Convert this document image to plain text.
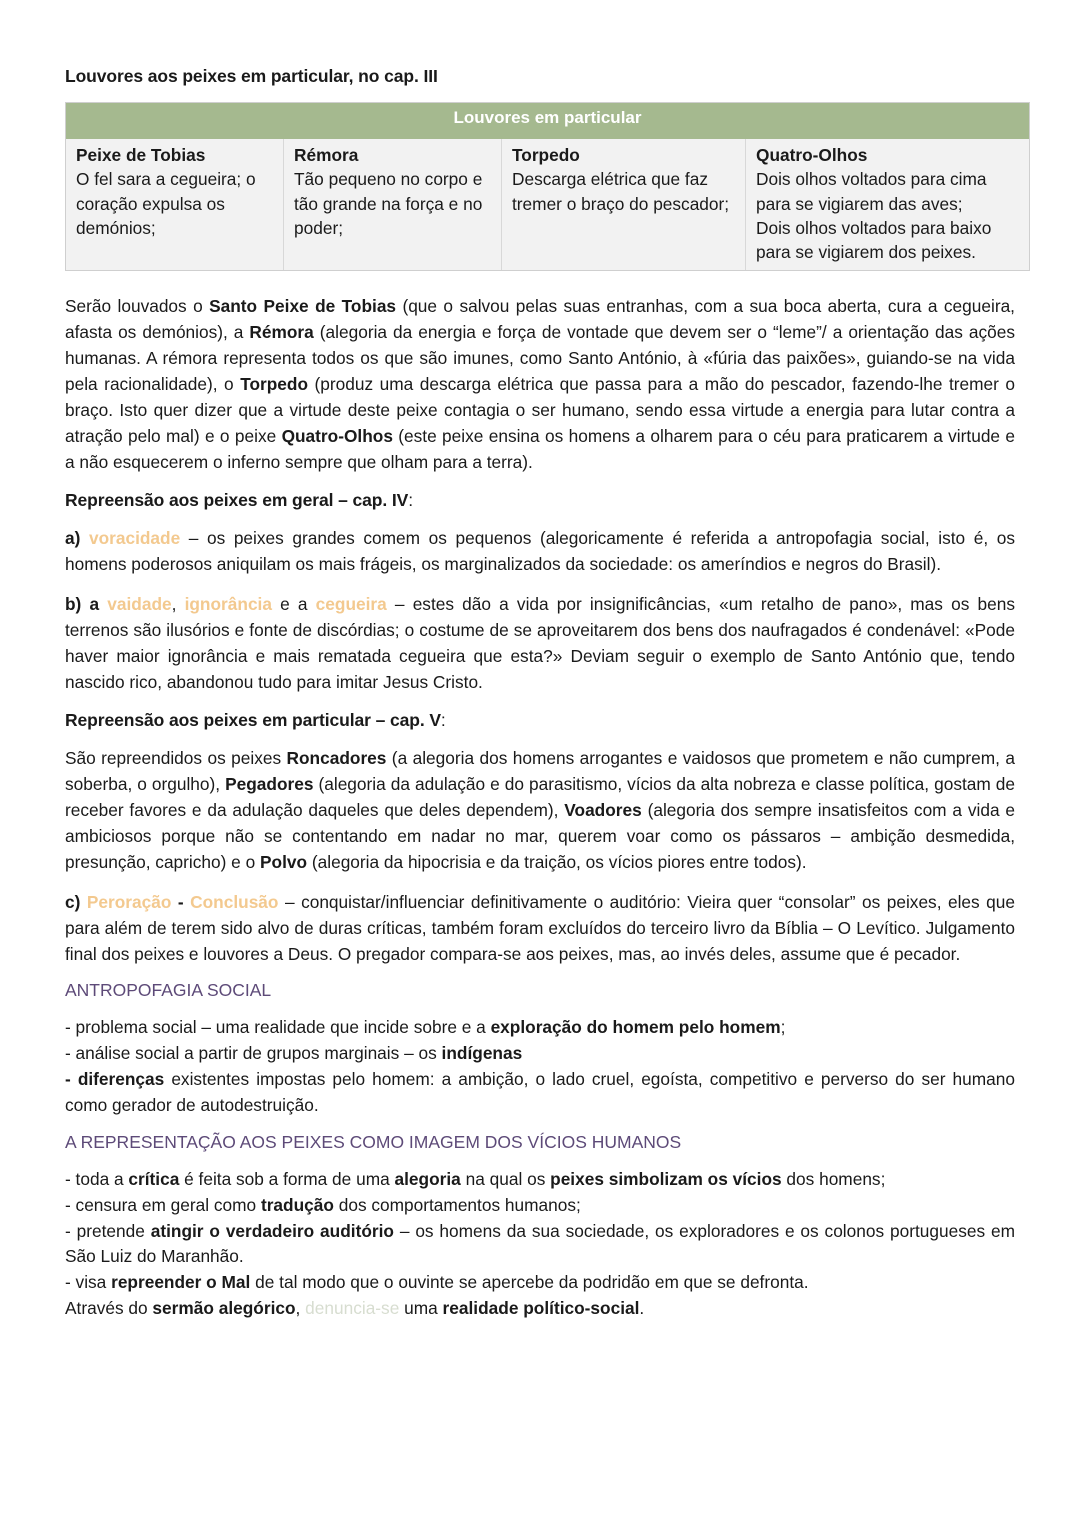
Louvores aos peixes em particular, no cap. III

Louvores em particular
Peixe de Tobias
O fel sara a cegueira; o coração expulsa os demónios;
Rémora
Tão pequeno no corpo e tão grande na força e no poder;
Torpedo
Descarga elétrica que faz tremer o braço do pescador;
Quatro-Olhos
Dois olhos voltados para cima para se vigiarem das aves;
Dois olhos voltados para baixo para se vigiarem dos peixes.

Serão louvados o Santo Peixe de Tobias (que o salvou pelas suas entranhas, com a sua boca aberta, cura a cegueira, afasta os demónios), a Rémora (alegoria da energia e força de vontade que devem ser o “leme”/ a orientação das ações humanas. A rémora representa todos os que são imunes, como Santo António, à «fúria das paixões», guiando-se na vida pela racionalidade), o Torpedo (produz uma descarga elétrica que passa para a mão do pescador, fazendo-lhe tremer o braço. Isto quer dizer que a virtude deste peixe contagia o ser humano, sendo essa virtude a energia para lutar contra a atração pelo mal) e o peixe Quatro-Olhos (este peixe ensina os homens a olharem para o céu para praticarem a virtude e a não esquecerem o inferno sempre que olham para a terra).

Repreensão aos peixes em geral – cap. IV:

a) voracidade – os peixes grandes comem os pequenos (alegoricamente é referida a antropofagia social, isto é, os homens poderosos aniquilam os mais frágeis, os marginalizados da sociedade: os ameríndios e negros do Brasil).

b) a vaidade, ignorância e a cegueira – estes dão a vida por insignificâncias, «um retalho de pano», mas os bens terrenos são ilusórios e fonte de discórdias; o costume de se aproveitarem dos bens dos naufragados é condenável: «Pode haver maior ignorância e mais rematada cegueira que esta?» Deviam seguir o exemplo de Santo António que, tendo nascido rico, abandonou tudo para imitar Jesus Cristo.

Repreensão aos peixes em particular – cap. V:

São repreendidos os peixes Roncadores (a alegoria dos homens arrogantes e vaidosos que prometem e não cumprem, a soberba, o orgulho), Pegadores (alegoria da adulação e do parasitismo, vícios da alta nobreza e classe política, gostam de receber favores e da adulação daqueles que deles dependem), Voadores (alegoria dos sempre insatisfeitos com a vida e ambiciosos porque não se contentando em nadar no mar, querem voar como os pássaros – ambição desmedida, presunção, capricho) e o Polvo (alegoria da hipocrisia e da traição, os vícios piores entre todos).

c) Peroração - Conclusão – conquistar/influenciar definitivamente o auditório: Vieira quer “consolar” os peixes, eles que para além de terem sido alvo de duras críticas, também foram excluídos do terceiro livro da Bíblia – O Levítico. Julgamento final dos peixes e louvores a Deus. O pregador compara-se aos peixes, mas, ao invés deles, assume que é pecador.

ANTROPOFAGIA SOCIAL

- problema social – uma realidade que incide sobre e a exploração do homem pelo homem;

- análise social a partir de grupos marginais – os indígenas

- diferenças existentes impostas pelo homem: a ambição, o lado cruel, egoísta, competitivo e perverso do ser humano como gerador de autodestruição.

A REPRESENTAÇÃO AOS PEIXES COMO IMAGEM DOS VÍCIOS HUMANOS

- toda a crítica é feita sob a forma de uma alegoria na qual os peixes simbolizam os vícios dos homens;

- censura em geral como tradução dos comportamentos humanos;

- pretende atingir o verdadeiro auditório – os homens da sua sociedade, os exploradores e os colonos portugueses em São Luiz do Maranhão.

- visa repreender o Mal de tal modo que o ouvinte se apercebe da podridão em que se defronta.

Através do sermão alegórico, denuncia-se uma realidade político-social.
